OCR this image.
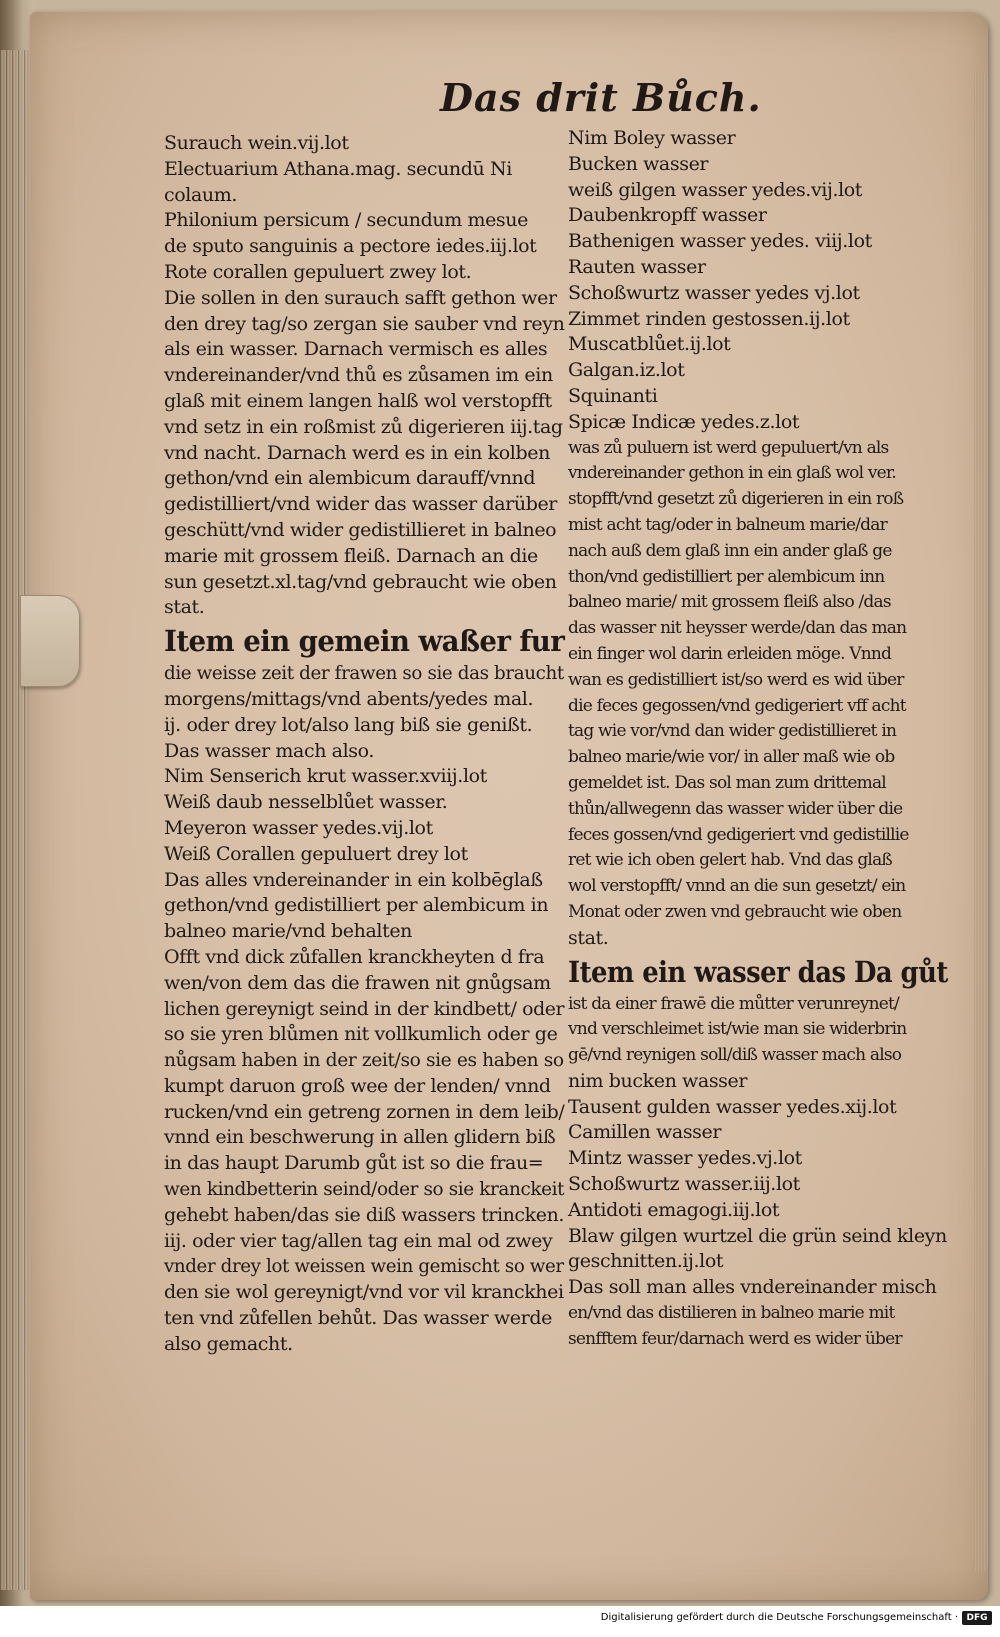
Das drit Bůch.
Surauch wein.vij.lot
Electuarium Athana.mag. secundū Ni
colaum.
Philonium persicum / secundum mesue
de sputo sanguinis a pectore iedes.iij.lot
Rote corallen gepuluert zwey lot.
Die sollen in den surauch safft gethon wer
den drey tag/so zergan sie sauber vnd reyn
als ein wasser. Darnach vermisch es alles
vndereinander/vnd thů es zůsamen im ein
glaß mit einem langen halß wol verstopfft
vnd setz in ein roßmist zů digerieren iij.tag
vnd nacht. Darnach werd es in ein kolben
gethon/vnd ein alembicum darauff/vnnd
gedistilliert/vnd wider das wasser darüber
geschütt/vnd wider gedistillieret in balneo
marie mit grossem fleiß. Darnach an die
sun gesetzt.xl.tag/vnd gebraucht wie oben
stat.
Item ein gemein waßer fur
die weisse zeit der frawen so sie das braucht
morgens/mittags/vnd abents/yedes mal.
ij. oder drey lot/also lang biß sie genißt.
Das wasser mach also.
Nim Senserich krut wasser.xviij.lot
Weiß daub nesselblůet wasser.
Meyeron wasser yedes.vij.lot
Weiß Corallen gepuluert drey lot
Das alles vndereinander in ein kolbēglaß
gethon/vnd gedistilliert per alembicum in
balneo marie/vnd behalten
Offt vnd dick zůfallen kranckheyten d fra
wen/von dem das die frawen nit gnůgsam
lichen gereynigt seind in der kindbett/ oder
so sie yren blůmen nit vollkumlich oder ge
nůgsam haben in der zeit/so sie es haben so
kumpt daruon groß wee der lenden/ vnnd
rucken/vnd ein getreng zornen in dem leib/
vnnd ein beschwerung in allen glidern biß
in das haupt Darumb gůt ist so die frau=
wen kindbetterin seind/oder so sie kranckeit
gehebt haben/das sie diß wassers trincken.
iij. oder vier tag/allen tag ein mal od zwey
vnder drey lot weissen wein gemischt so wer
den sie wol gereynigt/vnd vor vil kranckhei
ten vnd zůfellen behůt. Das wasser werde
also gemacht.
Nim Boley wasser
Bucken wasser
weiß gilgen wasser yedes.vij.lot
Daubenkropff wasser
Bathenigen wasser yedes. viij.lot
Rauten wasser
Schoßwurtz wasser yedes vj.lot
Zimmet rinden gestossen.ij.lot
Muscatblůet.ij.lot
Galgan.iz.lot
Squinanti
Spicæ Indicæ yedes.z.lot
was zů puluern ist werd gepuluert/vn als
vndereinander gethon in ein glaß wol ver.
stopfft/vnd gesetzt zů digerieren in ein roß
mist acht tag/oder in balneum marie/dar
nach auß dem glaß inn ein ander glaß ge
thon/vnd gedistilliert per alembicum inn
balneo marie/ mit grossem fleiß also /das
das wasser nit heysser werde/dan das man
ein finger wol darin erleiden möge. Vnnd
wan es gedistilliert ist/so werd es wid über
die feces gegossen/vnd gedigeriert vff acht
tag wie vor/vnd dan wider gedistillieret in
balneo marie/wie vor/ in aller maß wie ob
gemeldet ist. Das sol man zum drittemal
thůn/allwegenn das wasser wider über die
feces gossen/vnd gedigeriert vnd gedistillie
ret wie ich oben gelert hab. Vnd das glaß
wol verstopfft/ vnnd an die sun gesetzt/ ein
Monat oder zwen vnd gebraucht wie oben
stat.
Item ein wasser das Da gůt
ist da einer frawē die můtter verunreynet/
vnd verschleimet ist/wie man sie widerbrin
gē/vnd reynigen soll/diß wasser mach also
nim bucken wasser
Tausent gulden wasser yedes.xij.lot
Camillen wasser
Mintz wasser yedes.vj.lot
Schoßwurtz wasser.iij.lot
Antidoti emagogi.iij.lot
Blaw gilgen wurtzel die grün seind kleyn
geschnitten.ij.lot
Das soll man alles vndereinander misch
en/vnd das distilieren in balneo marie mit
senfftem feur/darnach werd es wider über
Digitalisierung gefördert durch die Deutsche Forschungsgemeinschaft · DFG
